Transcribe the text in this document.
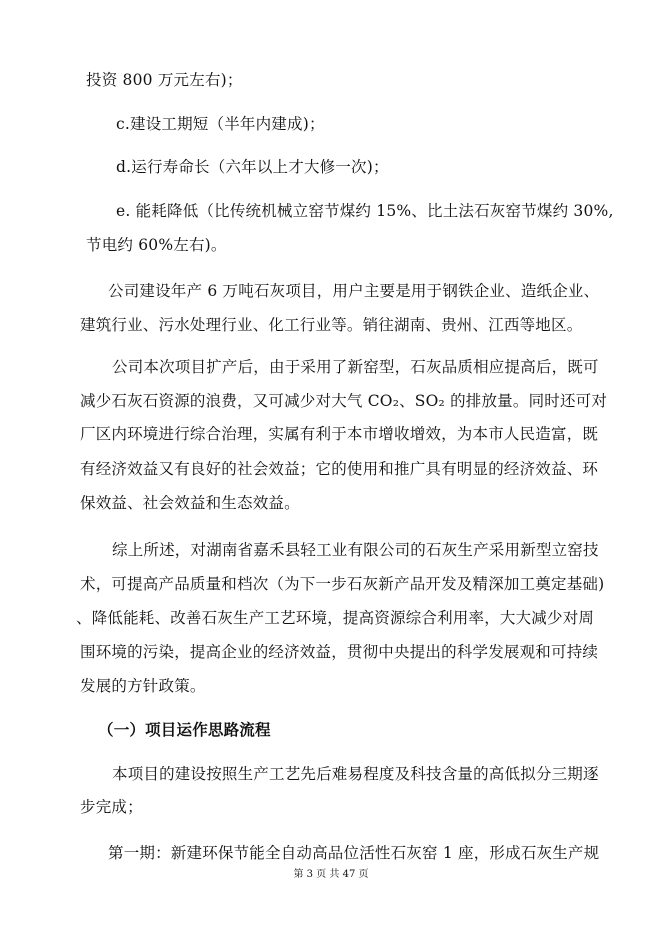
投资 800 万元左右)；
c.建设工期短（半年内建成)；
d.运行寿命长（六年以上才大修一次)；
e. 能耗降低（比传统机械立窑节煤约 15%、比土法石灰窑节煤约 30%,
节电约 60%左右)。
公司建设年产 6 万吨石灰项目，用户主要是用于钢铁企业、造纸企业、
建筑行业、污水处理行业、化工行业等。销往湖南、贵州、江西等地区。
公司本次项目扩产后，由于采用了新窑型，石灰品质相应提高后，既可
减少石灰石资源的浪费，又可减少对大气 CO₂、SO₂ 的排放量。同时还可对
厂区内环境进行综合治理，实属有利于本市增收增效，为本市人民造富，既
有经济效益又有良好的社会效益；它的使用和推广具有明显的经济效益、环
保效益、社会效益和生态效益。
综上所述，对湖南省嘉禾县轻工业有限公司的石灰生产采用新型立窑技
术，可提高产品质量和档次（为下一步石灰新产品开发及精深加工奠定基础)
、降低能耗、改善石灰生产工艺环境，提高资源综合利用率，大大减少对周
围环境的污染，提高企业的经济效益，贯彻中央提出的科学发展观和可持续
发展的方针政策。
（一）项目运作思路流程
本项目的建设按照生产工艺先后难易程度及科技含量的高低拟分三期逐
步完成；
第一期：新建环保节能全自动高品位活性石灰窑 1 座，形成石灰生产规
第 3 页 共 47 页
